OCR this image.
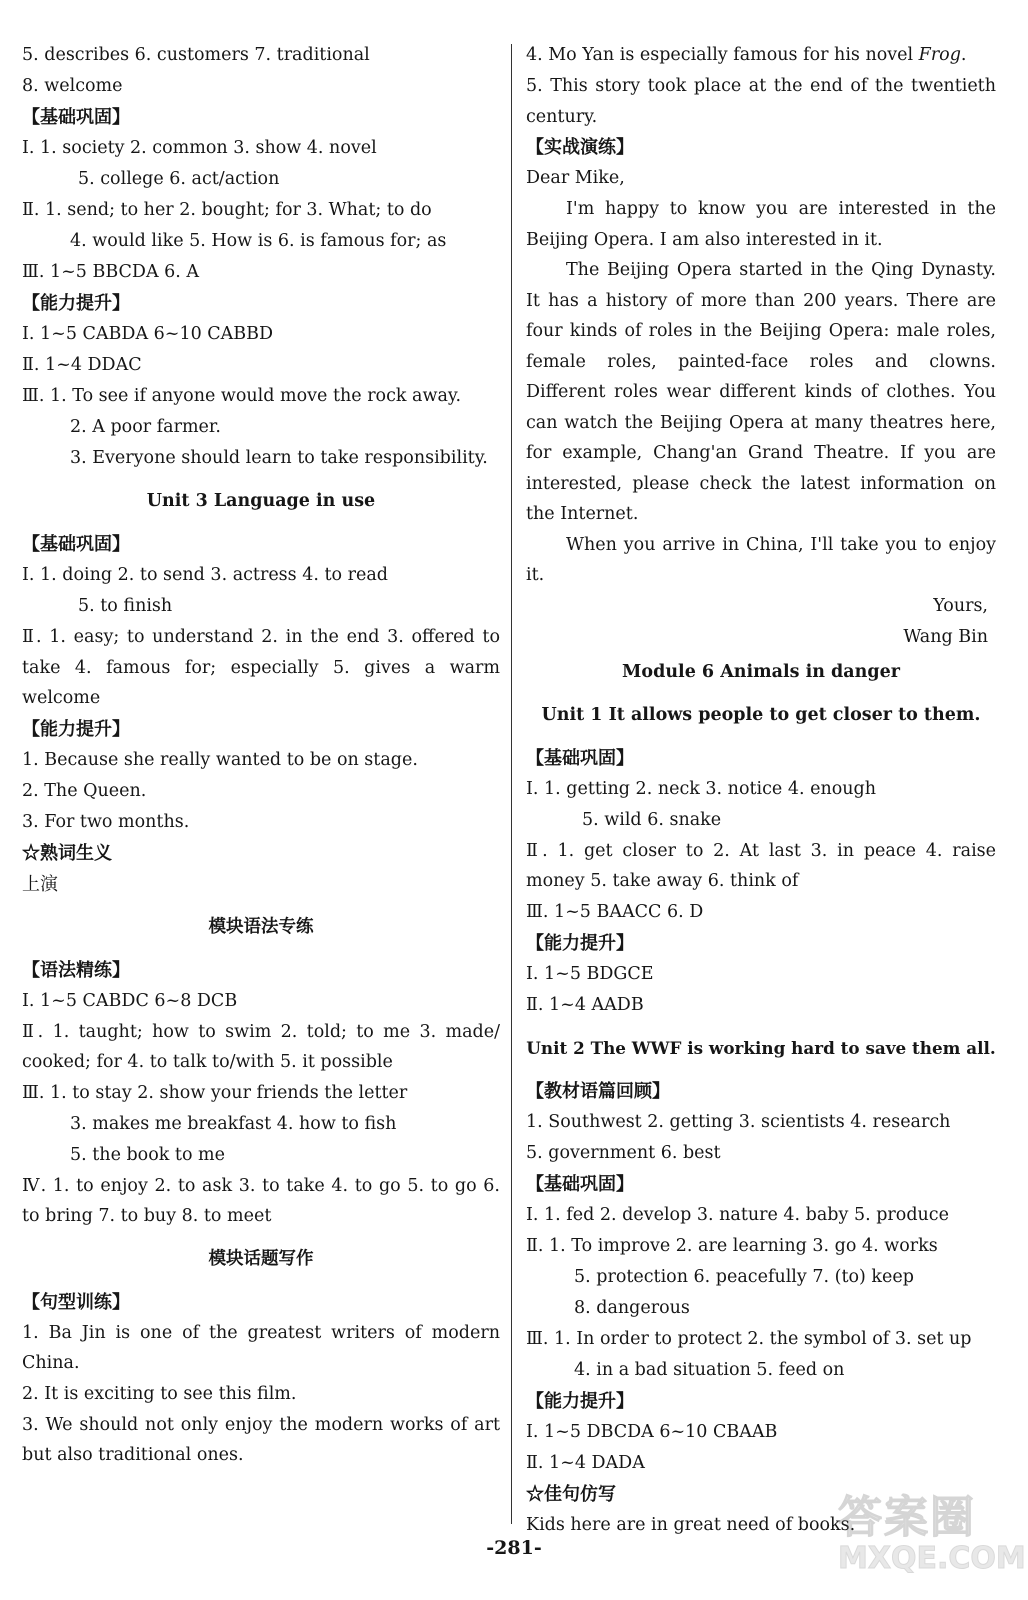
5. describes 6. customers 7. traditional
8. welcome
【 基础巩固 】
Ⅰ. 1. society 2. common 3. show 4. novel
5. college 6. act/action
Ⅱ. 1. send; to her 2. bought; for 3. What; to do
4. would like 5. How is 6. is famous for; as
Ⅲ. 1~5 BBCDA 6. A
【 能力提升 】
Ⅰ. 1~5 CABDA 6~10 CABBD
Ⅱ. 1~4 DDAC
Ⅲ. 1. To see if anyone would move the rock away.
2. A poor farmer.
3. Everyone should learn to take responsibility.
Unit 3 Language in use
【 基础巩固 】
Ⅰ. 1. doing 2. to send 3. actress 4. to read
5. to finish
Ⅱ. 1. easy; to understand 2. in the end 3. offered to take 4. famous for; especially 5. gives a warm welcome
【 能力提升 】
1. Because she really wanted to be on stage.
2. The Queen.
3. For two months.
☆熟词生义
上演
模块语法专练
【 语法精练 】
Ⅰ. 1~5 CABDC 6~8 DCB
Ⅱ. 1. taught; how to swim 2. told; to me 3. made/ cooked; for 4. to talk to/with 5. it possible
Ⅲ. 1. to stay 2. show your friends the letter
3. makes me breakfast 4. how to fish
5. the book to me
Ⅳ. 1. to enjoy 2. to ask 3. to take 4. to go 5. to go 6. to bring 7. to buy 8. to meet
模块话题写作
【 句型训练 】
1. Ba Jin is one of the greatest writers of modern China.
2. It is exciting to see this film.
3. We should not only enjoy the modern works of art but also traditional ones.
4. Mo Yan is especially famous for his novel Frog.
5. This story took place at the end of the twentieth century.
【 实战演练 】
Dear Mike,
I'm happy to know you are interested in the Beijing Opera. I am also interested in it.
The Beijing Opera started in the Qing Dynasty. It has a history of more than 200 years. There are four kinds of roles in the Beijing Opera: male roles, female roles, painted-face roles and clowns. Different roles wear different kinds of clothes. You can watch the Beijing Opera at many theatres here, for example, Chang'an Grand Theatre. If you are interested, please check the latest information on the Internet.
When you arrive in China, I'll take you to enjoy it.
Yours,
Wang Bin
Module 6 Animals in danger
Unit 1 It allows people to get closer to them.
【 基础巩固 】
Ⅰ. 1. getting 2. neck 3. notice 4. enough
5. wild 6. snake
Ⅱ. 1. get closer to 2. At last 3. in peace 4. raise money 5. take away 6. think of
Ⅲ. 1~5 BAACC 6. D
【 能力提升 】
Ⅰ. 1~5 BDGCE
Ⅱ. 1~4 AADB
Unit 2 The WWF is working hard to save them all.
【 教材语篇回顾 】
1. Southwest 2. getting 3. scientists 4. research
5. government 6. best
【 基础巩固 】
Ⅰ. 1. fed 2. develop 3. nature 4. baby 5. produce
Ⅱ. 1. To improve 2. are learning 3. go 4. works
5. protection 6. peacefully 7. (to) keep
8. dangerous
Ⅲ. 1. In order to protect 2. the symbol of 3. set up
4. in a bad situation 5. feed on
【 能力提升 】
Ⅰ. 1~5 DBCDA 6~10 CBAAB
Ⅱ. 1~4 DADA
☆佳句仿写
Kids here are in great need of books.
-281-
答案圈
MXQE.COM
